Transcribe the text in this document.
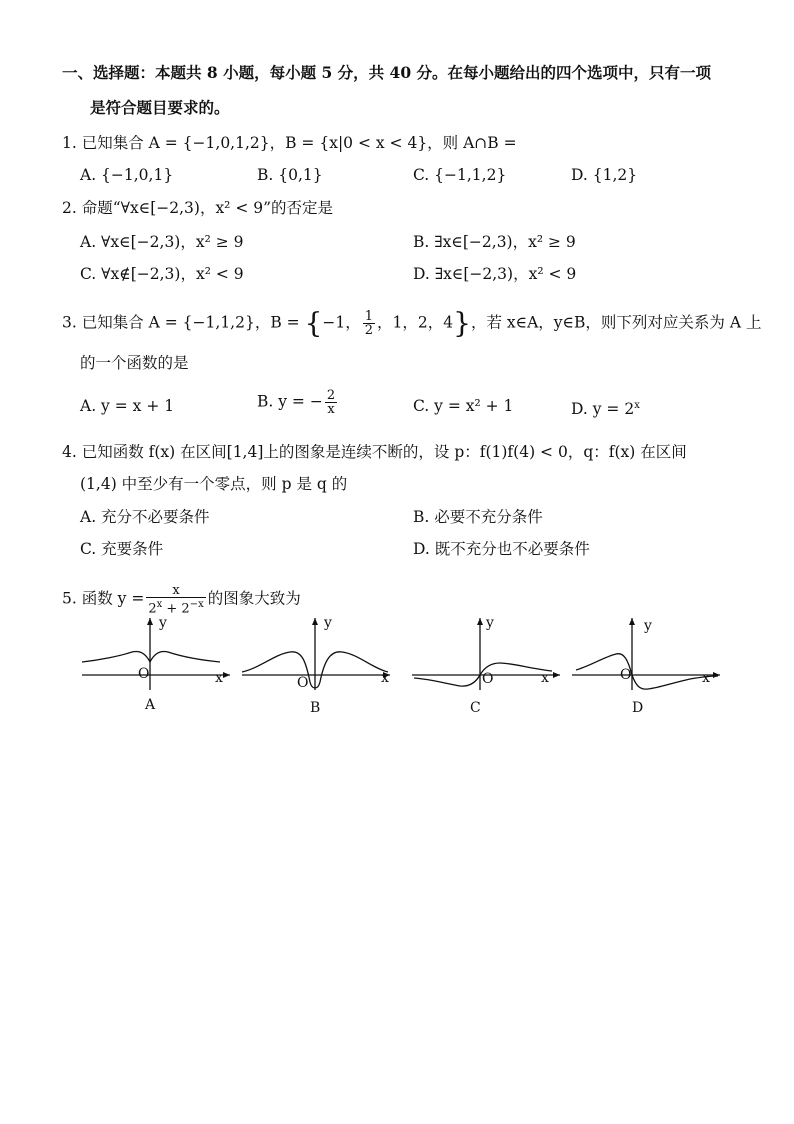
一、选择题：本题共 8 小题，每小题 5 分，共 40 分。在每小题给出的四个选项中，只有一项
是符合题目要求的。
1. 已知集合 A = {−1,0,1,2}，B = {x|0 < x < 4}，则 A∩B =
A. {−1,0,1}	B. {0,1}	C. {−1,1,2}	D. {1,2}
2. 命题“∀x∈[−2,3)，x² < 9”的否定是
A. ∀x∈[−2,3)，x² ≥ 9	B. ∃x∈[−2,3)，x² ≥ 9
C. ∀x∉[−2,3)，x² < 9	D. ∃x∈[−2,3)，x² < 9
3. 已知集合 A = {−1,1,2}，B = {−1， $\frac{1}{2}$ ，1，2，4}，若 x∈A，y∈B，则下列对应关系为 A 上
的一个函数的是
A. y = x + 1	B. y = − $\frac{2}{x}$	C. y = x² + 1	D. $y = 2^x$
4. 已知函数 f(x) 在区间[1,4]上的图象是连续不断的，设 p：f(1)f(4) < 0，q：f(x) 在区间
(1,4) 中至少有一个零点，则 p 是 q 的
A. 充分不必要条件	B. 必要不充分条件
C. 充要条件	D. 既不充分也不必要条件
5. 函数 $y = \frac{x}{2^x + 2^{-x}}$ 的图象大致为
y
x
O
A
y
x
O
B
y
x
O
C
y
x
O
D
